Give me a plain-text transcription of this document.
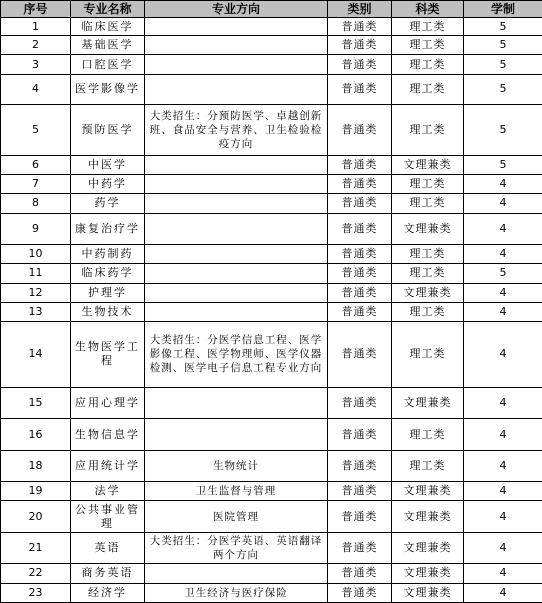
序号	专业名称	专业方向	类别	科类	学制
1	临床医学		普通类	理工类	5
2	基础医学		普通类	理工类	5
3	口腔医学		普通类	理工类	5
4	医学影像学		普通类	理工类	5
5	预防医学	大类招生：分预防医学、卓越创新班、食品安全与营养、卫生检验检疫方向	普通类	理工类	5
6	中医学		普通类	文理兼类	5
7	中药学		普通类	理工类	4
8	药学		普通类	理工类	4
9	康复治疗学		普通类	文理兼类	4
10	中药制药		普通类	理工类	4
11	临床药学		普通类	理工类	5
12	护理学		普通类	文理兼类	4
13	生物技术		普通类	理工类	4
14	生物医学工程	大类招生：分医学信息工程、医学影像工程、医学物理师、医学仪器检测、医学电子信息工程专业方向	普通类	理工类	4
15	应用心理学		普通类	文理兼类	4
16	生物信息学		普通类	理工类	4
18	应用统计学	生物统计	普通类	理工类	4
19	法学	卫生监督与管理	普通类	文理兼类	4
20	公共事业管理	医院管理	普通类	文理兼类	4
21	英语	大类招生：分医学英语、英语翻译两个方向	普通类	文理兼类	4
22	商务英语		普通类	文理兼类	4
23	经济学	卫生经济与医疗保险	普通类	文理兼类	4
